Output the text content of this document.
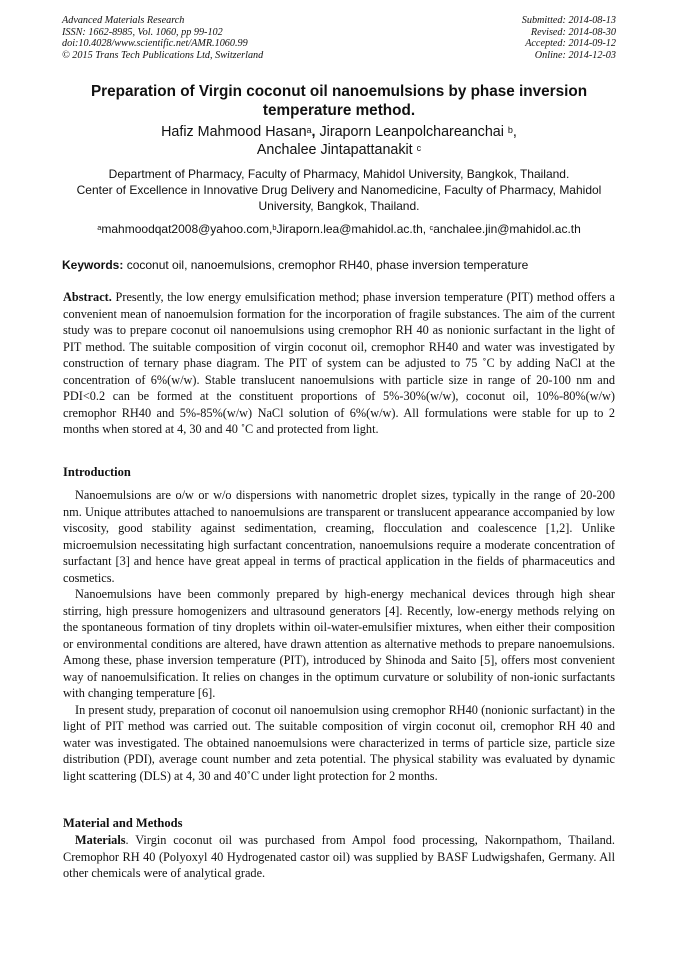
Advanced Materials Research
ISSN: 1662-8985, Vol. 1060, pp 99-102
doi:10.4028/www.scientific.net/AMR.1060.99
© 2015 Trans Tech Publications Ltd, Switzerland
Submitted: 2014-08-13
Revised: 2014-08-30
Accepted: 2014-09-12
Online: 2014-12-03
Preparation of Virgin coconut oil nanoemulsions by phase inversion
temperature method.
Hafiz Mahmood Hasan$^a$, Jiraporn Leanpolchareanchai $^b$,
Anchalee Jintapattanakit $^c$
Department of Pharmacy, Faculty of Pharmacy, Mahidol University, Bangkok, Thailand.
Center of Excellence in Innovative Drug Delivery and Nanomedicine, Faculty of Pharmacy, Mahidol University, Bangkok, Thailand.
$^a$mahmoodqat2008@yahoo.com,$^b$Jiraporn.lea@mahidol.ac.th, $^c$anchalee.jin@mahidol.ac.th
Keywords: coconut oil, nanoemulsions, cremophor RH40, phase inversion temperature
Abstract. Presently, the low energy emulsification method; phase inversion temperature (PIT) method offers a convenient mean of nanoemulsion formation for the incorporation of fragile substances. The aim of the current study was to prepare coconut oil nanoemulsions using cremophor RH 40 as nonionic surfactant in the light of PIT method. The suitable composition of virgin coconut oil, cremophor RH40 and water was investigated by construction of ternary phase diagram. The PIT of system can be adjusted to 75 ˚C by adding NaCl at the concentration of 6%(w/w). Stable translucent nanoemulsions with particle size in range of 20-100 nm and PDI<0.2 can be formed at the constituent proportions of 5%-30%(w/w), coconut oil, 10%-80%(w/w) cremophor RH40 and 5%-85%(w/w) NaCl solution of 6%(w/w). All formulations were stable for up to 2 months when stored at 4, 30 and 40 ˚C and protected from light.
Introduction

Nanoemulsions are o/w or w/o dispersions with nanometric droplet sizes, typically in the range of 20-200 nm. Unique attributes attached to nanoemulsions are transparent or translucent appearance accompanied by low viscosity, good stability against sedimentation, creaming, flocculation and coalescence [1,2]. Unlike microemulsion necessitating high surfactant concentration, nanoemulsions require a moderate concentration of surfactant [3] and hence have great appeal in terms of practical application in the fields of pharmaceutics and cosmetics.

Nanoemulsions have been commonly prepared by high-energy mechanical devices through high shear stirring, high pressure homogenizers and ultrasound generators [4]. Recently, low-energy methods relying on the spontaneous formation of tiny droplets within oil-water-emulsifier mixtures, when either their composition or environmental conditions are altered, have drawn attention as alternative methods to prepare nanoemulsions. Among these, phase inversion temperature (PIT), introduced by Shinoda and Saito [5], offers most convenient way of nanoemulsification. It relies on changes in the optimum curvature or solubility of non-ionic surfactants with changing temperature [6].

In present study, preparation of coconut oil nanoemulsion using cremophor RH40 (nonionic surfactant) in the light of PIT method was carried out. The suitable composition of virgin coconut oil, cremophor RH 40 and water was investigated. The obtained nanoemulsions were characterized in terms of particle size, particle size distribution (PDI), average count number and zeta potential. The physical stability was evaluated by dynamic light scattering (DLS) at 4, 30 and 40˚C under light protection for 2 months.

Material and Methods

Materials. Virgin coconut oil was purchased from Ampol food processing, Nakornpathom, Thailand. Cremophor RH 40 (Polyoxyl 40 Hydrogenated castor oil) was supplied by BASF Ludwigshafen, Germany. All other chemicals were of analytical grade.
